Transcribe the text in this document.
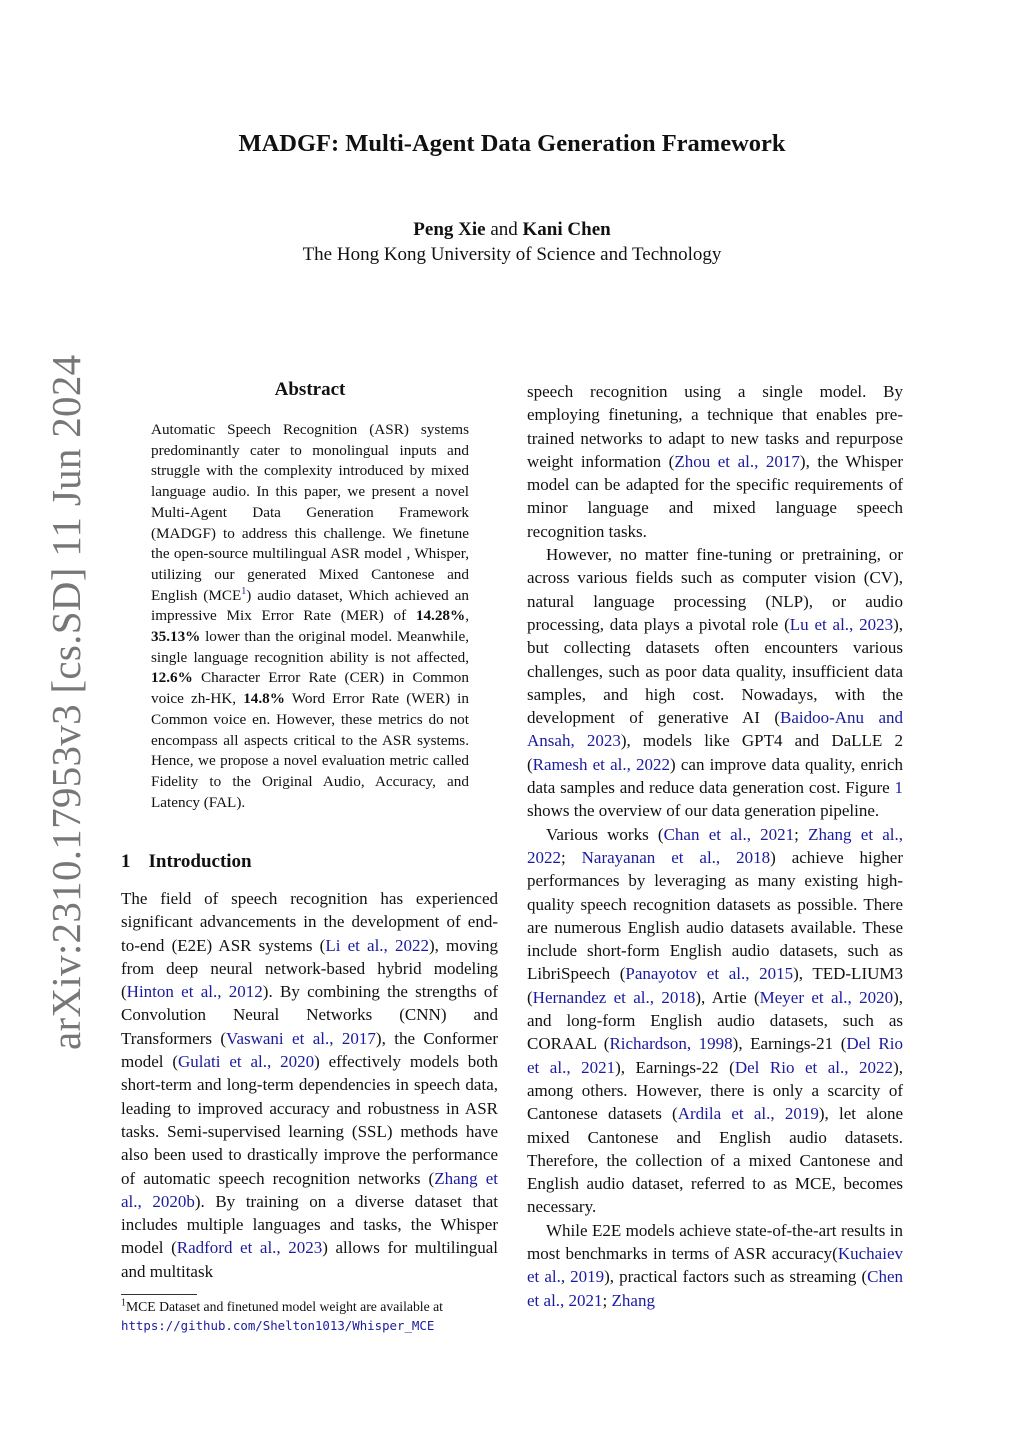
arXiv:2310.17953v3 [cs.SD] 11 Jun 2024
MADGF: Multi-Agent Data Generation Framework
Peng Xie and Kani Chen
The Hong Kong University of Science and Technology
Abstract
Automatic Speech Recognition (ASR) systems predominantly cater to monolingual inputs and struggle with the complexity introduced by mixed language audio. In this paper, we present a novel Multi-Agent Data Generation Framework (MADGF) to address this challenge. We finetune the open-source multilingual ASR model , Whisper, utilizing our generated Mixed Cantonese and English (MCE$^1$) audio dataset, Which achieved an impressive Mix Error Rate (MER) of 14.28%, 35.13% lower than the original model. Meanwhile, single language recognition ability is not affected, 12.6% Character Error Rate (CER) in Common voice zh-HK, 14.8% Word Error Rate (WER) in Common voice en. However, these metrics do not encompass all aspects critical to the ASR systems. Hence, we propose a novel evaluation metric called Fidelity to the Original Audio, Accuracy, and Latency (FAL).
1 Introduction
The field of speech recognition has experienced significant advancements in the development of end-to-end (E2E) ASR systems (Li et al., 2022), moving from deep neural network-based hybrid modeling (Hinton et al., 2012). By combining the strengths of Convolution Neural Networks (CNN) and Transformers (Vaswani et al., 2017), the Conformer model (Gulati et al., 2020) effectively models both short-term and long-term dependencies in speech data, leading to improved accuracy and robustness in ASR tasks. Semi-supervised learning (SSL) methods have also been used to drastically improve the performance of automatic speech recognition networks (Zhang et al., 2020b). By training on a diverse dataset that includes multiple languages and tasks, the Whisper model (Radford et al., 2023) allows for multilingual and multitask
$^1$MCE Dataset and finetuned model weight are available at https://github.com/Shelton1013/Whisper_MCE

speech recognition using a single model. By employing finetuning, a technique that enables pre-trained networks to adapt to new tasks and repurpose weight information (Zhou et al., 2017), the Whisper model can be adapted for the specific requirements of minor language and mixed language speech recognition tasks.

However, no matter fine-tuning or pretraining, or across various fields such as computer vision (CV), natural language processing (NLP), or audio processing, data plays a pivotal role (Lu et al., 2023), but collecting datasets often encounters various challenges, such as poor data quality, insufficient data samples, and high cost. Nowadays, with the development of generative AI (Baidoo-Anu and Ansah, 2023), models like GPT4 and DaLLE 2 (Ramesh et al., 2022) can improve data quality, enrich data samples and reduce data generation cost. Figure 1 shows the overview of our data generation pipeline.

Various works (Chan et al., 2021; Zhang et al., 2022; Narayanan et al., 2018) achieve higher performances by leveraging as many existing high-quality speech recognition datasets as possible. There are numerous English audio datasets available. These include short-form English audio datasets, such as LibriSpeech (Panayotov et al., 2015), TED-LIUM3 (Hernandez et al., 2018), Artie (Meyer et al., 2020), and long-form English audio datasets, such as CORAAL (Richardson, 1998), Earnings-21 (Del Rio et al., 2021), Earnings-22 (Del Rio et al., 2022), among others. However, there is only a scarcity of Cantonese datasets (Ardila et al., 2019), let alone mixed Cantonese and English audio datasets. Therefore, the collection of a mixed Cantonese and English audio dataset, referred to as MCE, becomes necessary.

While E2E models achieve state-of-the-art results in most benchmarks in terms of ASR accuracy(Kuchaiev et al., 2019), practical factors such as streaming (Chen et al., 2021; Zhang
